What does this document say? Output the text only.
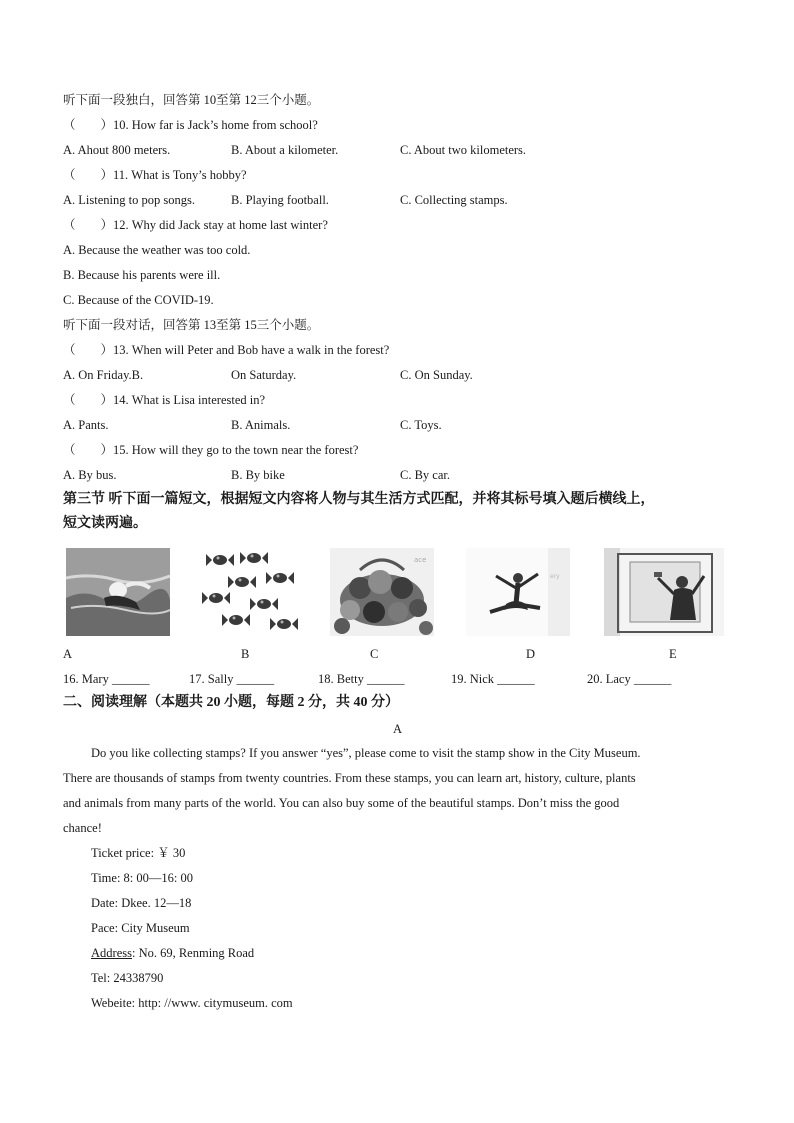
听下面一段独白，回答第 10至第 12三个小题。
（　　）10. How far is Jack’s home from school?
A. Ahout 800 meters.	B. About a kilometer.	C. About two kilometers.
（　　）11. What is Tony’s hobby?
A. Listening to pop songs.	B. Playing football.	C. Collecting stamps.
（　　）12. Why did Jack stay at home last winter?
A. Because the weather was too cold.
B. Because his parents were ill.
C. Because of the COVID-19.
听下面一段对话，回答第 13至第 15三个小题。
（　　）13. When will Peter and Bob have a walk in the forest?
A. On Friday.B.	On Saturday.	C. On Sunday.
（　　）14. What is Lisa interested in?
A. Pants.	B. Animals.	C. Toys.
（　　）15. How will they go to the town near the forest?
A. By bus.	B. By bike	C. By car.
第三节 听下面一篇短文，根据短文内容将人物与其生活方式匹配，并将其标号填入题后横线上，
短文读两遍。
ace
ery
A	B	C	D	E
16. Mary ______	17. Sally ______	18. Betty ______	19. Nick ______	20. Lacy ______
二、阅读理解（本题共 20 小题，每题 2 分，共 40 分）
A
Do you like collecting stamps? If you answer “yes”, please come to visit the stamp show in the City Museum.
There are thousands of stamps from twenty countries. From these stamps, you can learn art, history, culture, plants
and animals from many parts of the world. You can also buy some of the beautiful stamps. Don’t miss the good
chance!
Ticket price: ￥ 30
Time: 8: 00—16: 00
Date: Dkee. 12—18
Pace: City Museum
Address: No. 69, Renming Road
Tel: 24338790
Webeite: http: //www. citymuseum. com
